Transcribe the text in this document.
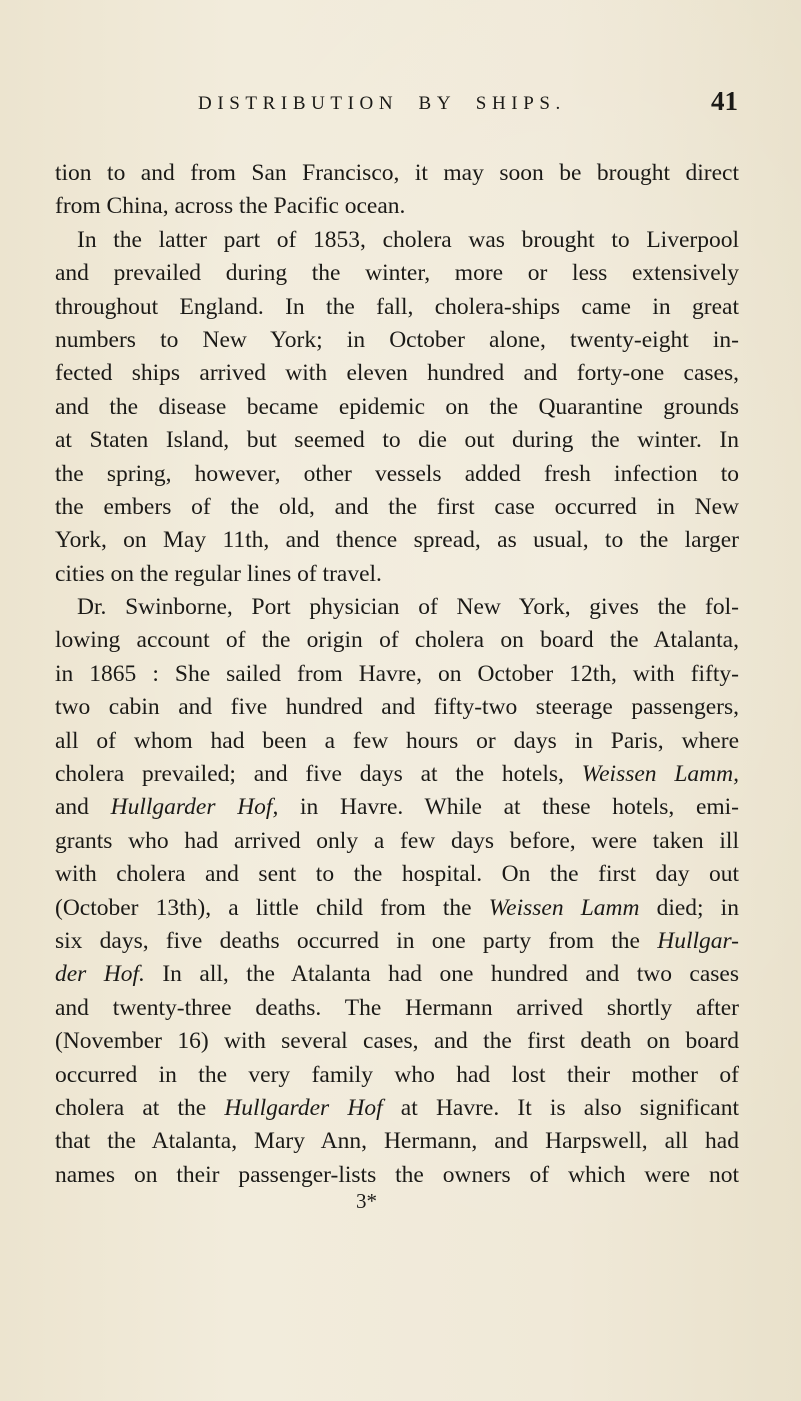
DISTRIBUTION BY SHIPS.	41
tion to and from San Francisco, it may soon be brought direct
from China, across the Pacific ocean.
In the latter part of 1853, cholera was brought to Liverpool
and prevailed during the winter, more or less extensively
throughout England. In the fall, cholera-ships came in great
numbers to New York; in October alone, twenty-eight in-
fected ships arrived with eleven hundred and forty-one cases,
and the disease became epidemic on the Quarantine grounds
at Staten Island, but seemed to die out during the winter. In
the spring, however, other vessels added fresh infection to
the embers of the old, and the first case occurred in New
York, on May 11th, and thence spread, as usual, to the larger
cities on the regular lines of travel.
Dr. Swinborne, Port physician of New York, gives the fol-
lowing account of the origin of cholera on board the Atalanta,
in 1865 : She sailed from Havre, on October 12th, with fifty-
two cabin and five hundred and fifty-two steerage passengers,
all of whom had been a few hours or days in Paris, where
cholera prevailed; and five days at the hotels, Weissen Lamm,
and Hullgarder Hof, in Havre. While at these hotels, emi-
grants who had arrived only a few days before, were taken ill
with cholera and sent to the hospital. On the first day out
(October 13th), a little child from the Weissen Lamm died; in
six days, five deaths occurred in one party from the Hullgar-
der Hof. In all, the Atalanta had one hundred and two cases
and twenty-three deaths. The Hermann arrived shortly after
(November 16) with several cases, and the first death on board
occurred in the very family who had lost their mother of
cholera at the Hullgarder Hof at Havre. It is also significant
that the Atalanta, Mary Ann, Hermann, and Harpswell, all had
names on their passenger-lists the owners of which were not
3*
